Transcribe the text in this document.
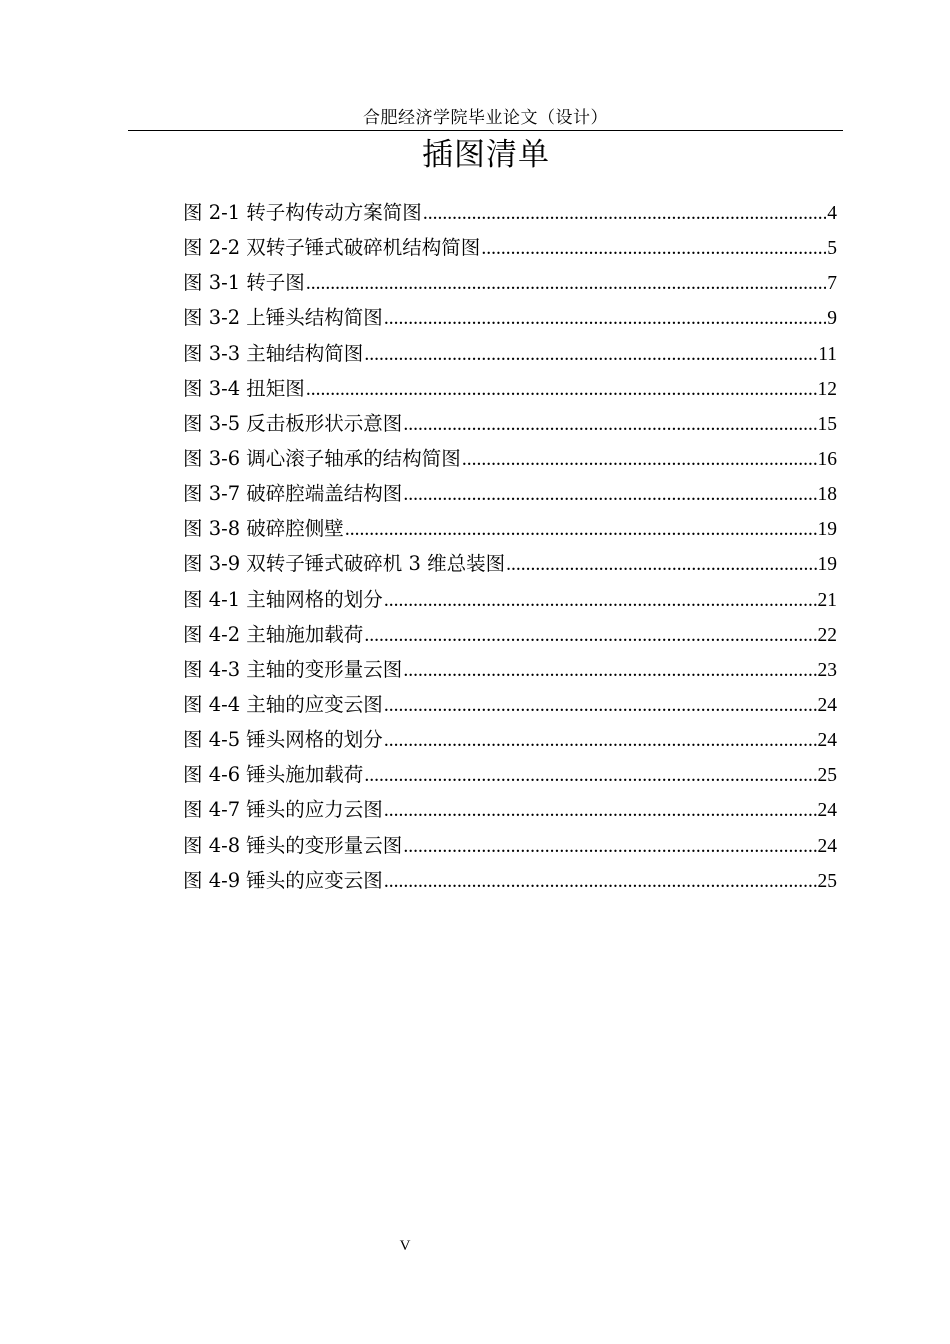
合肥经济学院毕业论文（设计）
插图清单
图 2-1 转子构传动方案简图 .....	4
图 2-2 双转子锤式破碎机结构简图 .....	5
图 3-1 转子图 .....	7
图 3-2 上锤头结构简图 .....	9
图 3-3 主轴结构简图 .....	11
图 3-4 扭矩图 .....	12
图 3-5 反击板形状示意图 .....	15
图 3-6 调心滚子轴承的结构简图 .....	16
图 3-7 破碎腔端盖结构图 .....	18
图 3-8 破碎腔侧壁 .....	19
图 3-9 双转子锤式破碎机 3 维总装图 .....	19
图 4-1 主轴网格的划分 .....	21
图 4-2 主轴施加载荷 .....	22
图 4-3 主轴的变形量云图 .....	23
图 4-4 主轴的应变云图 .....	24
图 4-5 锤头网格的划分 .....	24
图 4-6 锤头施加载荷 .....	25
图 4-7 锤头的应力云图 .....	24
图 4-8 锤头的变形量云图 .....	24
图 4-9 锤头的应变云图 .....	25
V
